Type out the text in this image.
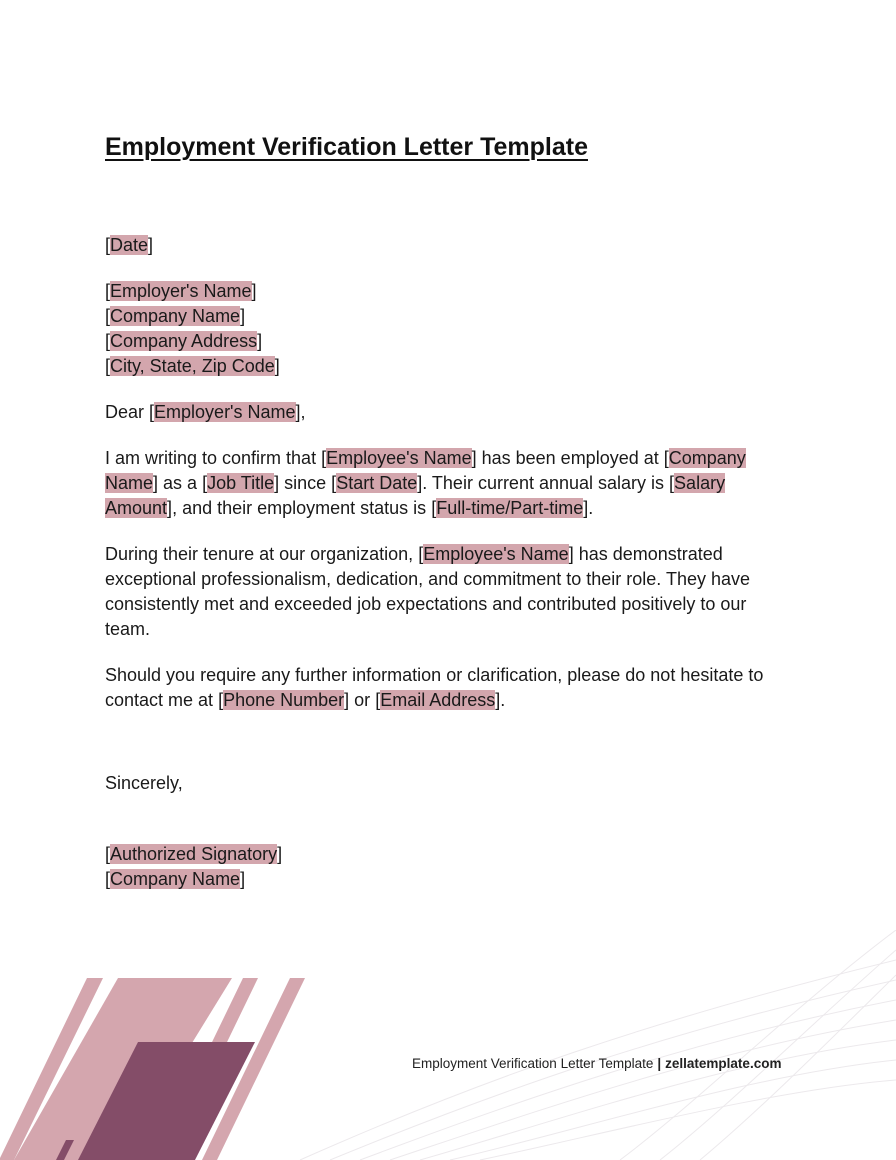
Employment Verification Letter Template

[Date]

[Employer's Name]
[Company Name]
[Company Address]
[City, State, Zip Code]

Dear [Employer's Name],

I am writing to confirm that [Employee's Name] has been employed at [Company
Name] as a [Job Title] since [Start Date]. Their current annual salary is [Salary
Amount], and their employment status is [Full-time/Part-time].

During their tenure at our organization, [Employee's Name] has demonstrated exceptional professionalism, dedication, and commitment to their role. They have consistently met and exceeded job expectations and contributed positively to our team.

Should you require any further information or clarification, please do not hesitate to contact me at [Phone Number] or [Email Address].

Sincerely,

[Authorized Signatory]
[Company Name]

Employment Verification Letter Template | zellatemplate.com
